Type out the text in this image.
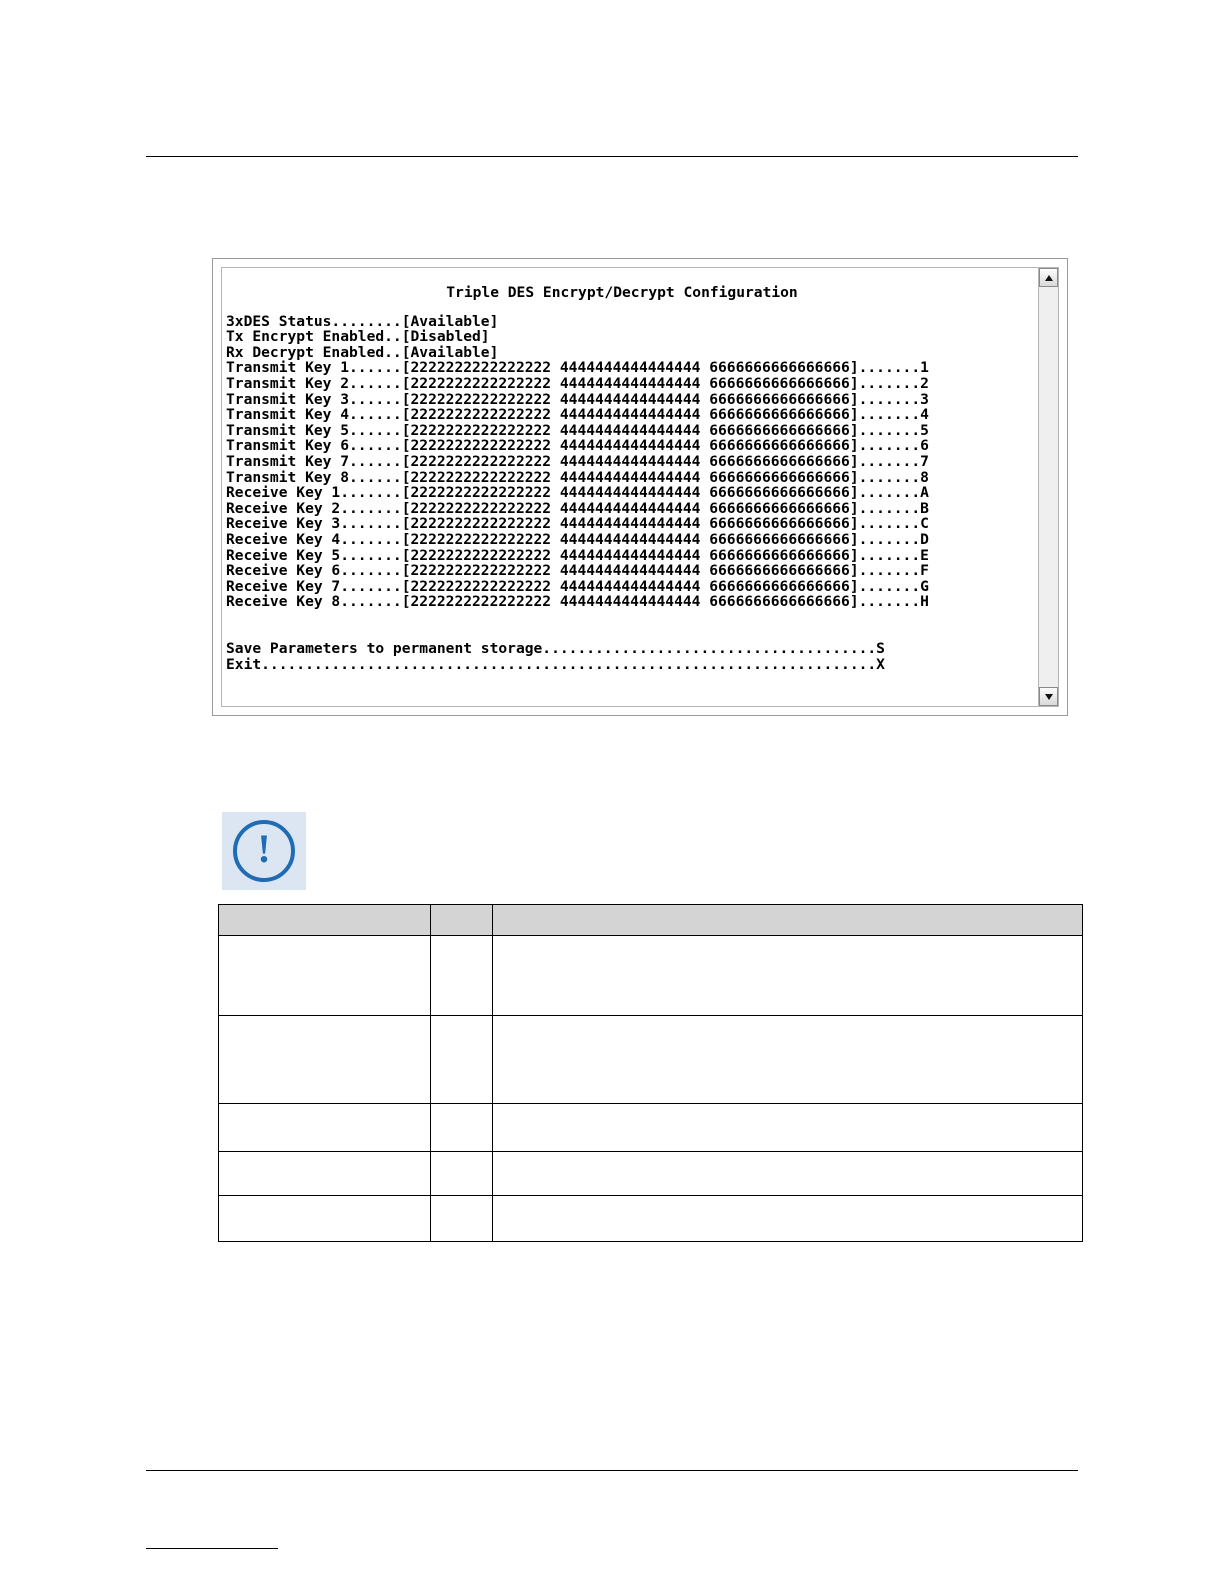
Triple DES Encrypt/Decrypt Configuration
3xDES Status........[Available]
Tx Encrypt Enabled..[Disabled]
Rx Decrypt Enabled..[Available]
Transmit Key 1......[2222222222222222 4444444444444444 6666666666666666].......1
Transmit Key 2......[2222222222222222 4444444444444444 6666666666666666].......2
Transmit Key 3......[2222222222222222 4444444444444444 6666666666666666].......3
Transmit Key 4......[2222222222222222 4444444444444444 6666666666666666].......4
Transmit Key 5......[2222222222222222 4444444444444444 6666666666666666].......5
Transmit Key 6......[2222222222222222 4444444444444444 6666666666666666].......6
Transmit Key 7......[2222222222222222 4444444444444444 6666666666666666].......7
Transmit Key 8......[2222222222222222 4444444444444444 6666666666666666].......8
Receive Key 1.......[2222222222222222 4444444444444444 6666666666666666].......A
Receive Key 2.......[2222222222222222 4444444444444444 6666666666666666].......B
Receive Key 3.......[2222222222222222 4444444444444444 6666666666666666].......C
Receive Key 4.......[2222222222222222 4444444444444444 6666666666666666].......D
Receive Key 5.......[2222222222222222 4444444444444444 6666666666666666].......E
Receive Key 6.......[2222222222222222 4444444444444444 6666666666666666].......F
Receive Key 7.......[2222222222222222 4444444444444444 6666666666666666].......G
Receive Key 8.......[2222222222222222 4444444444444444 6666666666666666].......H

Save Parameters to permanent storage......................................S
Exit......................................................................X
!
